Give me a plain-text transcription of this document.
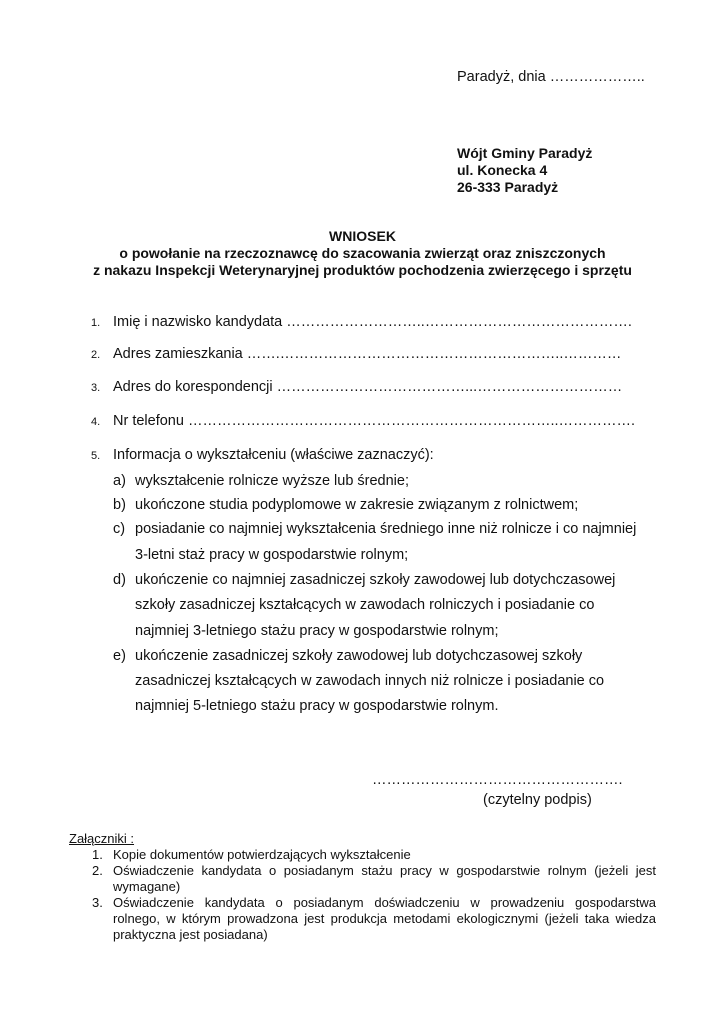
Paradyż, dnia ………………..
Wójt Gminy Paradyż
ul. Konecka 4
26-333 Paradyż
WNIOSEK
o powołanie na rzeczoznawcę do szacowania zwierząt oraz zniszczonych
z nakazu Inspekcji Weterynaryjnej produktów pochodzenia zwierzęcego i sprzętu
1. Imię i nazwisko kandydata ………………………..…………………………………….
2. Adres zamieszkania …….…………………………………………………..…………
3. Adres do korespondencji …………………………………...…………………………
4. Nr telefonu …………………………………………………………………..…………….
5. Informacja o wykształceniu (właściwe zaznaczyć):
a) wykształcenie rolnicze wyższe lub średnie;
b) ukończone studia podyplomowe w zakresie związanym z rolnictwem;
c) posiadanie co najmniej wykształcenia średniego inne niż rolnicze i co najmniej
3-letni staż pracy w gospodarstwie rolnym;
d) ukończenie co najmniej zasadniczej szkoły zawodowej lub dotychczasowej
szkoły zasadniczej kształcących w zawodach rolniczych i posiadanie co
najmniej 3-letniego stażu pracy w gospodarstwie rolnym;
e) ukończenie zasadniczej szkoły zawodowej lub dotychczasowej szkoły
zasadniczej kształcących w zawodach innych niż rolnicze i posiadanie co
najmniej 5-letniego stażu pracy w gospodarstwie rolnym.
…………………………………………….
(czytelny podpis)
Załączniki :
1. Kopie dokumentów potwierdzających wykształcenie
2. Oświadczenie kandydata o posiadanym stażu pracy w gospodarstwie rolnym (jeżeli jest wymagane)
3. Oświadczenie kandydata o posiadanym doświadczeniu w prowadzeniu gospodarstwa rolnego, w którym prowadzona jest produkcja metodami ekologicznymi (jeżeli taka wiedza praktyczna jest posiadana)
